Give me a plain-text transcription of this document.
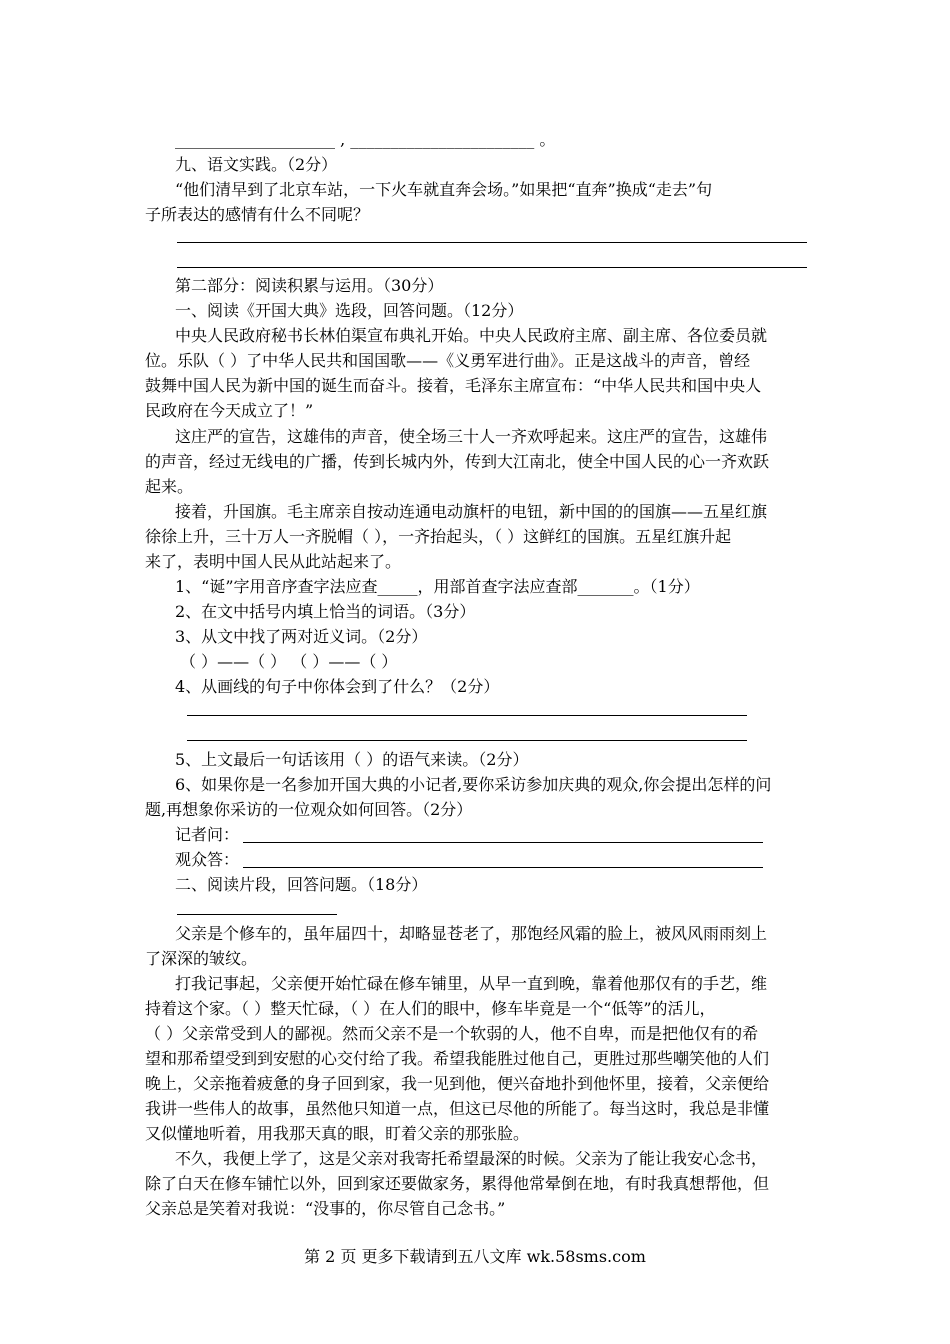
____________________ , _______________________ 。
九、语文实践。（2分）
“他们清早到了北京车站，一下火车就直奔会场。”如果把“直奔”换成“走去”句
子所表达的感情有什么不同呢？
第二部分：阅读积累与运用。（30分）
一、阅读《开国大典》选段，回答问题。（12分）
中央人民政府秘书长林伯渠宣布典礼开始。中央人民政府主席、副主席、各位委员就
位。乐队（ ）了中华人民共和国国歌——《义勇军进行曲》。正是这战斗的声音，曾经
鼓舞中国人民为新中国的诞生而奋斗。接着，毛泽东主席宣布：“中华人民共和国中央人
民政府在今天成立了！”
这庄严的宣告，这雄伟的声音，使全场三十人一齐欢呼起来。这庄严的宣告，这雄伟
的声音，经过无线电的广播，传到长城内外，传到大江南北，使全中国人民的心一齐欢跃
起来。
接着，升国旗。毛主席亲自按动连通电动旗杆的电钮，新中国的的国旗——五星红旗
徐徐上升，三十万人一齐脱帽（ ），一齐抬起头，（ ）这鲜红的国旗。五星红旗升起
来了，表明中国人民从此站起来了。
1、“诞”字用音序查字法应查_____，用部首查字法应查部_______。（1分）
2、在文中括号内填上恰当的词语。（3分）
3、从文中找了两对近义词。（2分）
（ ）——（ ） （ ）——（ ）
4、从画线的句子中你体会到了什么？（2分）
5、上文最后一句话该用（ ）的语气来读。（2分）
6、如果你是一名参加开国大典的小记者,要你采访参加庆典的观众,你会提出怎样的问
题,再想象你采访的一位观众如何回答。（2分）
记者问：
观众答：
二、阅读片段，回答问题。（18分）
父亲是个修车的，虽年届四十，却略显苍老了，那饱经风霜的脸上，被风风雨雨刻上
了深深的皱纹。
打我记事起，父亲便开始忙碌在修车铺里，从早一直到晚，靠着他那仅有的手艺，维
持着这个家。（ ）整天忙碌，（ ）在人们的眼中，修车毕竟是一个“低等”的活儿，
（ ）父亲常受到人的鄙视。然而父亲不是一个软弱的人，他不自卑，而是把他仅有的希
望和那希望受到到安慰的心交付给了我。希望我能胜过他自己，更胜过那些嘲笑他的人们
晚上，父亲拖着疲惫的身子回到家，我一见到他，便兴奋地扑到他怀里，接着，父亲便给
我讲一些伟人的故事，虽然他只知道一点，但这已尽他的所能了。每当这时，我总是非懂
又似懂地听着，用我那天真的眼，盯着父亲的那张脸。
不久，我便上学了，这是父亲对我寄托希望最深的时候。父亲为了能让我安心念书，
除了白天在修车铺忙以外，回到家还要做家务，累得他常晕倒在地，有时我真想帮他，但
父亲总是笑着对我说：“没事的，你尽管自己念书。”
第 2 页 更多下载请到五八文库 wk.58sms.com
